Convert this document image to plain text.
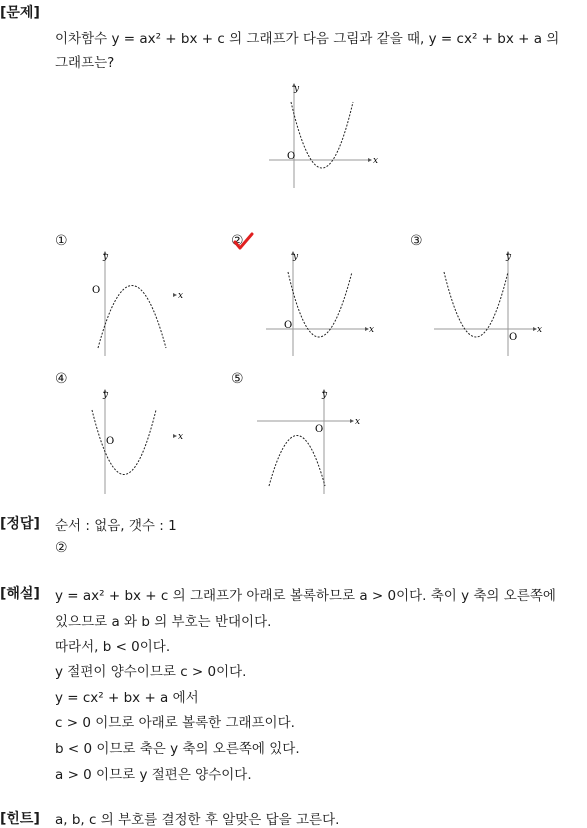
[문제]
이차함수 y = ax² + bx + c 의 그래프가 다음 그림과 같을 때, y = cx² + bx + a 의
그래프는?
O	x
y
①
O	x
y
②
O	x
y
③
O
x
y
④
O	x
y
⑤
O
x
y
[정답] 순서 : 없음, 갯수 : 1
②
[해설] y = ax² + bx + c 의 그래프가 아래로 볼록하므로 a > 0이다. 축이 y 축의 오른쪽에
있으므로 a 와 b 의 부호는 반대이다.
따라서, b < 0이다.
y 절편이 양수이므로 c > 0이다.
y = cx² + bx + a 에서
c > 0 이므로 아래로 볼록한 그래프이다.
b < 0 이므로 축은 y 축의 오른쪽에 있다.
a > 0 이므로 y 절편은 양수이다.
[힌트] a, b, c 의 부호를 결정한 후 알맞은 답을 고른다.
